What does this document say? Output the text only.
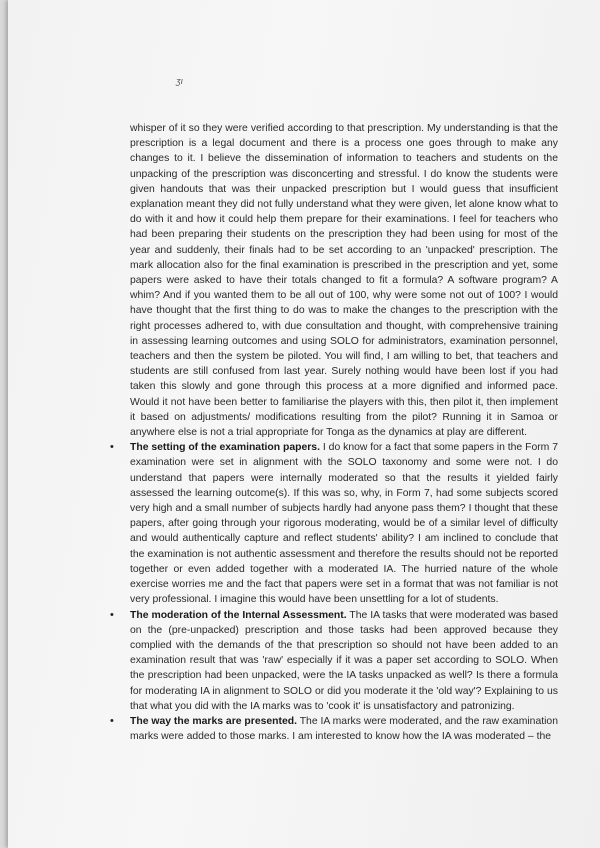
ʒı

whisper of it so they were verified according to that prescription. My understanding is that the prescription is a legal document and there is a process one goes through to make any changes to it. I believe the dissemination of information to teachers and students on the unpacking of the prescription was disconcerting and stressful. I do know the students were given handouts that was their unpacked prescription but I would guess that insufficient explanation meant they did not fully understand what they were given, let alone know what to do with it and how it could help them prepare for their examinations. I feel for teachers who had been preparing their students on the prescription they had been using for most of the year and suddenly, their finals had to be set according to an 'unpacked' prescription. The mark allocation also for the final examination is prescribed in the prescription and yet, some papers were asked to have their totals changed to fit a formula? A software program? A whim? And if you wanted them to be all out of 100, why were some not out of 100? I would have thought that the first thing to do was to make the changes to the prescription with the right processes adhered to, with due consultation and thought, with comprehensive training in assessing learning outcomes and using SOLO for administrators, examination personnel, teachers and then the system be piloted. You will find, I am willing to bet, that teachers and students are still confused from last year. Surely nothing would have been lost if you had taken this slowly and gone through this process at a more dignified and informed pace. Would it not have been better to familiarise the players with this, then pilot it, then implement it based on adjustments/ modifications resulting from the pilot? Running it in Samoa or anywhere else is not a trial appropriate for Tonga as the dynamics at play are different.

• The setting of the examination papers. I do know for a fact that some papers in the Form 7 examination were set in alignment with the SOLO taxonomy and some were not. I do understand that papers were internally moderated so that the results it yielded fairly assessed the learning outcome(s). If this was so, why, in Form 7, had some subjects scored very high and a small number of subjects hardly had anyone pass them? I thought that these papers, after going through your rigorous moderating, would be of a similar level of difficulty and would authentically capture and reflect students' ability? I am inclined to conclude that the examination is not authentic assessment and therefore the results should not be reported together or even added together with a moderated IA. The hurried nature of the whole exercise worries me and the fact that papers were set in a format that was not familiar is not very professional. I imagine this would have been unsettling for a lot of students.
• The moderation of the Internal Assessment. The IA tasks that were moderated was based on the (pre-unpacked) prescription and those tasks had been approved because they complied with the demands of the that prescription so should not have been added to an examination result that was 'raw' especially if it was a paper set according to SOLO. When the prescription had been unpacked, were the IA tasks unpacked as well? Is there a formula for moderating IA in alignment to SOLO or did you moderate it the 'old way'? Explaining to us that what you did with the IA marks was to 'cook it' is unsatisfactory and patronizing.
• The way the marks are presented. The IA marks were moderated, and the raw examination marks were added to those marks. I am interested to know how the IA was moderated – the
